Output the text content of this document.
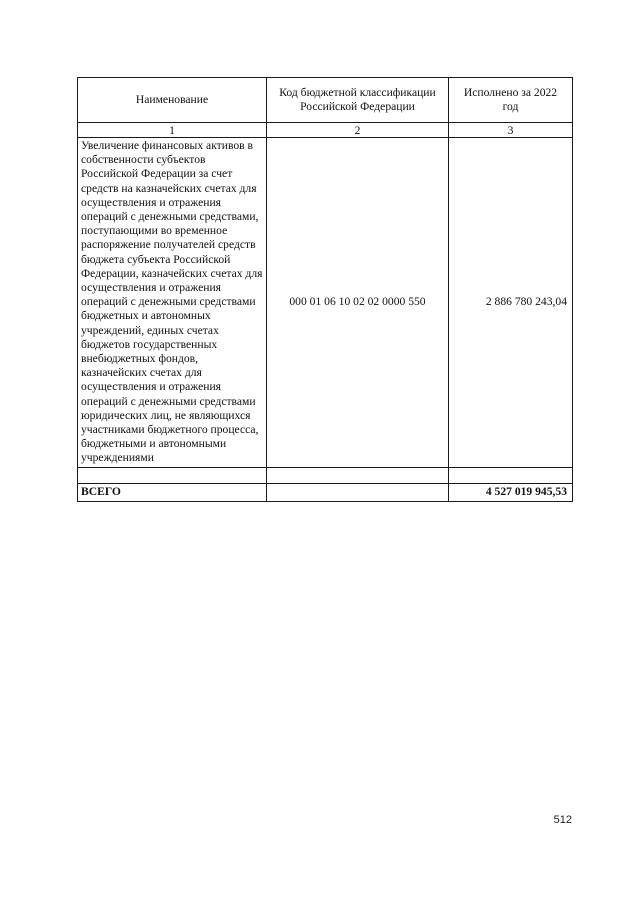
Наименование	Код бюджетной классификации Российской Федерации	Исполнено за 2022 год
1	2	3
Увеличение финансовых активов в собственности субъектов Российской Федерации за счет средств на казначейских счетах для осуществления и отражения операций с денежными средствами, поступающими во временное распоряжение получателей средств бюджета субъекта Российской Федерации, казначейских счетах для осуществления и отражения операций с денежными средствами бюджетных и автономных учреждений, единых счетах бюджетов государственных внебюджетных фондов, казначейских счетах для осуществления и отражения операций с денежными средствами юридических лиц, не являющихся участниками бюджетного процесса, бюджетными и автономными учреждениями	000 01 06 10 02 02 0000 550	2 886 780 243,04

ВСЕГО		4 527 019 945,53
512
